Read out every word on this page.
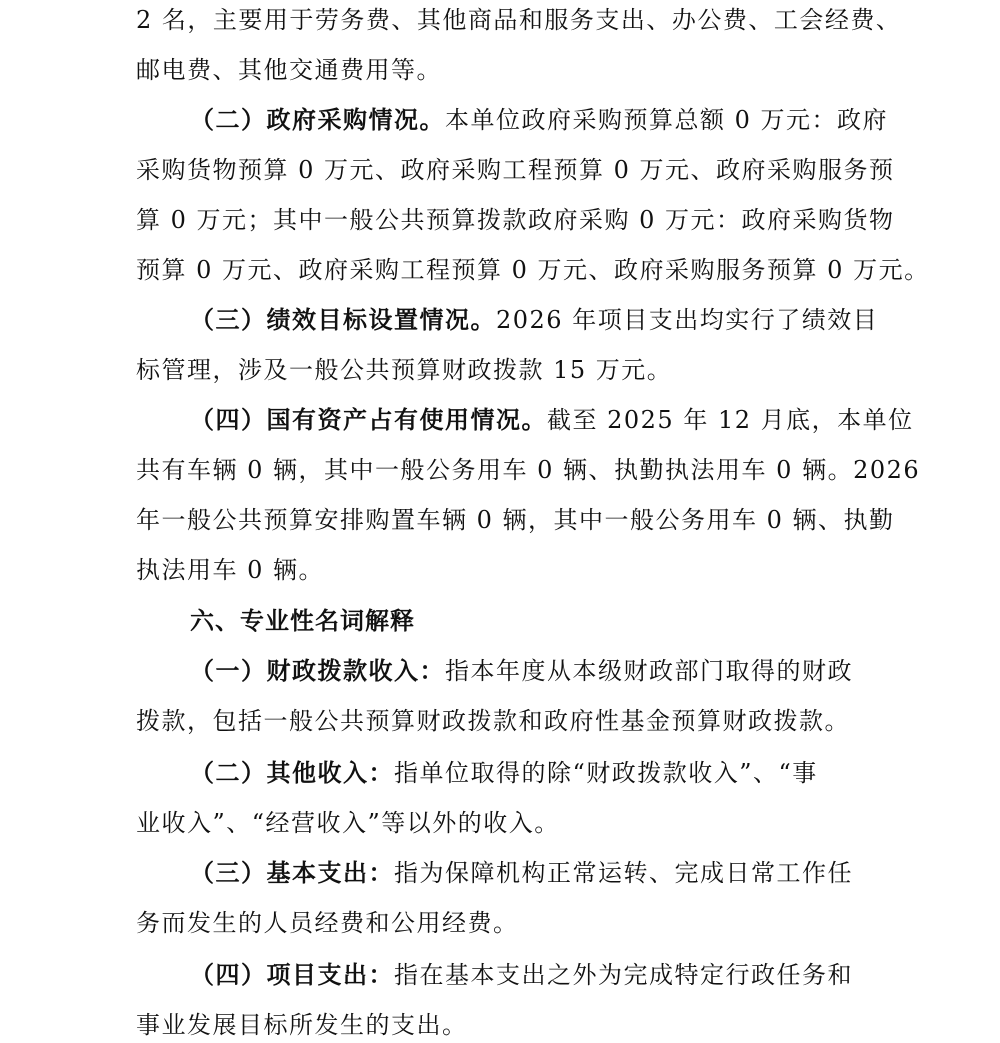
2 名，主要用于劳务费、其他商品和服务支出、办公费、工会经费、
邮电费、其他交通费用等。
（二）政府采购情况。本单位政府采购预算总额 0 万元：政府
采购货物预算 0 万元、政府采购工程预算 0 万元、政府采购服务预
算 0 万元；其中一般公共预算拨款政府采购 0 万元：政府采购货物
预算 0 万元、政府采购工程预算 0 万元、政府采购服务预算 0 万元。
（三）绩效目标设置情况。2026 年项目支出均实行了绩效目
标管理，涉及一般公共预算财政拨款 15 万元。
（四）国有资产占有使用情况。截至 2025 年 12 月底，本单位
共有车辆 0 辆，其中一般公务用车 0 辆、执勤执法用车 0 辆。2026
年一般公共预算安排购置车辆 0 辆，其中一般公务用车 0 辆、执勤
执法用车 0 辆。
六、专业性名词解释
（一）财政拨款收入：指本年度从本级财政部门取得的财政
拨款，包括一般公共预算财政拨款和政府性基金预算财政拨款。
（二）其他收入：指单位取得的除“财政拨款收入”、“事
业收入”、“经营收入”等以外的收入。
（三）基本支出：指为保障机构正常运转、完成日常工作任
务而发生的人员经费和公用经费。
（四）项目支出：指在基本支出之外为完成特定行政任务和
事业发展目标所发生的支出。
